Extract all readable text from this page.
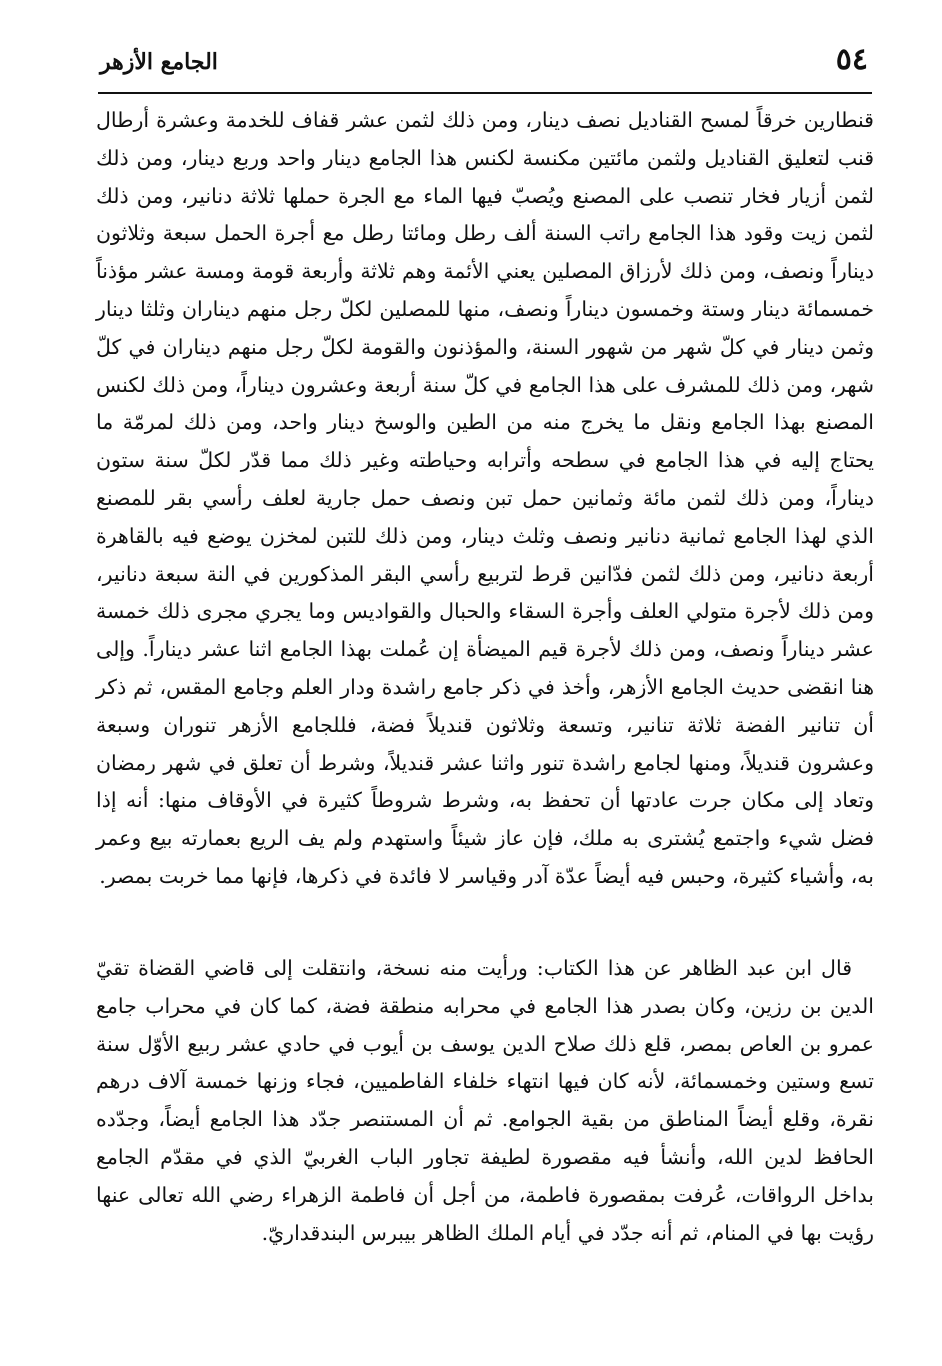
٥٤
الجامع الأزهر

قنطارين خرقاً لمسح القناديل نصف دينار، ومن ذلك لثمن عشر قفاف للخدمة وعشرة أرطال قنب لتعليق القناديل ولثمن مائتين مكنسة لكنس هذا الجامع دينار واحد وربع دينار، ومن ذلك لثمن أزيار فخار تنصب على المصنع ويُصبّ فيها الماء مع الجرة حملها ثلاثة دنانير، ومن ذلك لثمن زيت وقود هذا الجامع راتب السنة ألف رطل ومائتا رطل مع أجرة الحمل سبعة وثلاثون ديناراً ونصف، ومن ذلك لأرزاق المصلين يعني الأئمة وهم ثلاثة وأربعة قومة ومسة عشر مؤذناً خمسمائة دينار وستة وخمسون ديناراً ونصف، منها للمصلين لكلّ رجل منهم ديناران وثلثا دينار وثمن دينار في كلّ شهر من شهور السنة، والمؤذنون والقومة لكلّ رجل منهم ديناران في كلّ شهر، ومن ذلك للمشرف على هذا الجامع في كلّ سنة أربعة وعشرون ديناراً، ومن ذلك لكنس المصنع بهذا الجامع ونقل ما يخرج منه من الطين والوسخ دينار واحد، ومن ذلك لمرمّة ما يحتاج إليه في هذا الجامع في سطحه وأترابه وحياطته وغير ذلك مما قدّر لكلّ سنة ستون ديناراً، ومن ذلك لثمن مائة وثمانين حمل تبن ونصف حمل جارية لعلف رأسي بقر للمصنع الذي لهذا الجامع ثمانية دنانير ونصف وثلث دينار، ومن ذلك للتبن لمخزن يوضع فيه بالقاهرة أربعة دنانير، ومن ذلك لثمن فدّانين قرط لتربيع رأسي البقر المذكورين في النة سبعة دنانير، ومن ذلك لأجرة متولي العلف وأجرة السقاء والحبال والقواديس وما يجري مجرى ذلك خمسة عشر ديناراً ونصف، ومن ذلك لأجرة قيم الميضأة إن عُملت بهذا الجامع اثنا عشر ديناراً. وإلى هنا انقضى حديث الجامع الأزهر، وأخذ في ذكر جامع راشدة ودار العلم وجامع المقس، ثم ذكر أن تنانير الفضة ثلاثة تنانير، وتسعة وثلاثون قنديلاً فضة، فللجامع الأزهر تنوران وسبعة وعشرون قنديلاً، ومنها لجامع راشدة تنور واثنا عشر قنديلاً، وشرط أن تعلق في شهر رمضان وتعاد إلى مكان جرت عادتها أن تحفظ به، وشرط شروطاً كثيرة في الأوقاف منها: أنه إذا فضل شيء واجتمع يُشترى به ملك، فإن عاز شيئاً واستهدم ولم يف الريع بعمارته بيع وعمر به، وأشياء كثيرة، وحبس فيه أيضاً عدّة آدر وقياسر لا فائدة في ذكرها، فإنها مما خربت بمصر.

قال ابن عبد الظاهر عن هذا الكتاب: ورأيت منه نسخة، وانتقلت إلى قاضي القضاة تقيّ الدين بن رزين، وكان بصدر هذا الجامع في محرابه منطقة فضة، كما كان في محراب جامع عمرو بن العاص بمصر، قلع ذلك صلاح الدين يوسف بن أيوب في حادي عشر ربيع الأوّل سنة تسع وستين وخمسمائة، لأنه كان فيها انتهاء خلفاء الفاطميين، فجاء وزنها خمسة آلاف درهم نقرة، وقلع أيضاً المناطق من بقية الجوامع. ثم أن المستنصر جدّد هذا الجامع أيضاً، وجدّده الحافظ لدين الله، وأنشأ فيه مقصورة لطيفة تجاور الباب الغربيّ الذي في مقدّم الجامع بداخل الرواقات، عُرفت بمقصورة فاطمة، من أجل أن فاطمة الزهراء رضي الله تعالى عنها رؤيت بها في المنام، ثم أنه جدّد في أيام الملك الظاهر بيبرس البندقداريّ.
